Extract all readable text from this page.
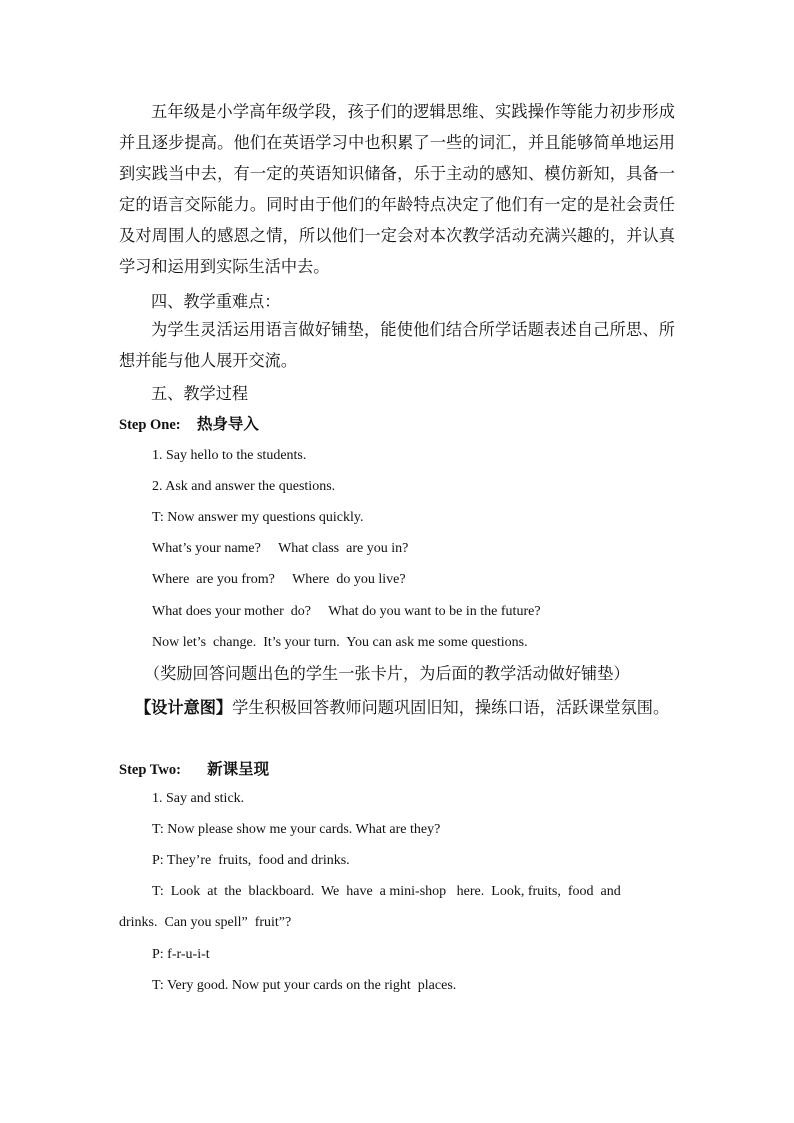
五年级是小学高年级学段，孩子们的逻辑思维、实践操作等能力初步形成并且逐步提高。他们在英语学习中也积累了一些的词汇，并且能够简单地运用到实践当中去，有一定的英语知识储备，乐于主动的感知、模仿新知，具备一定的语言交际能力。同时由于他们的年龄特点决定了他们有一定的是社会责任及对周围人的感恩之情，所以他们一定会对本次教学活动充满兴趣的，并认真学习和运用到实际生活中去。

四、教学重难点：

为学生灵活运用语言做好铺垫，能使他们结合所学话题表述自己所思、所想并能与他人展开交流。

五、教学过程

Step One: 热身导入

1. Say hello to the students.

2. Ask and answer the questions.

T: Now answer my questions quickly.

What’s your name?     What class  are you in?

Where  are you from?     Where  do you live?

What does your mother  do?     What do you want to be in the future?

Now let’s  change.  It’s your turn.  You can ask me some questions.

（奖励回答问题出色的学生一张卡片，为后面的教学活动做好铺垫）

【设计意图】学生积极回答教师问题巩固旧知，操练口语，活跃课堂氛围。

Step Two: 新课呈现

1. Say and stick.

T: Now please show me your cards. What are they?

P: They’re  fruits,  food and drinks.

T:  Look  at  the  blackboard.  We  have  a mini-shop   here.  Look, fruits,  food  and

drinks.  Can you spell”  fruit”?

P: f-r-u-i-t

T: Very good. Now put your cards on the right  places.
